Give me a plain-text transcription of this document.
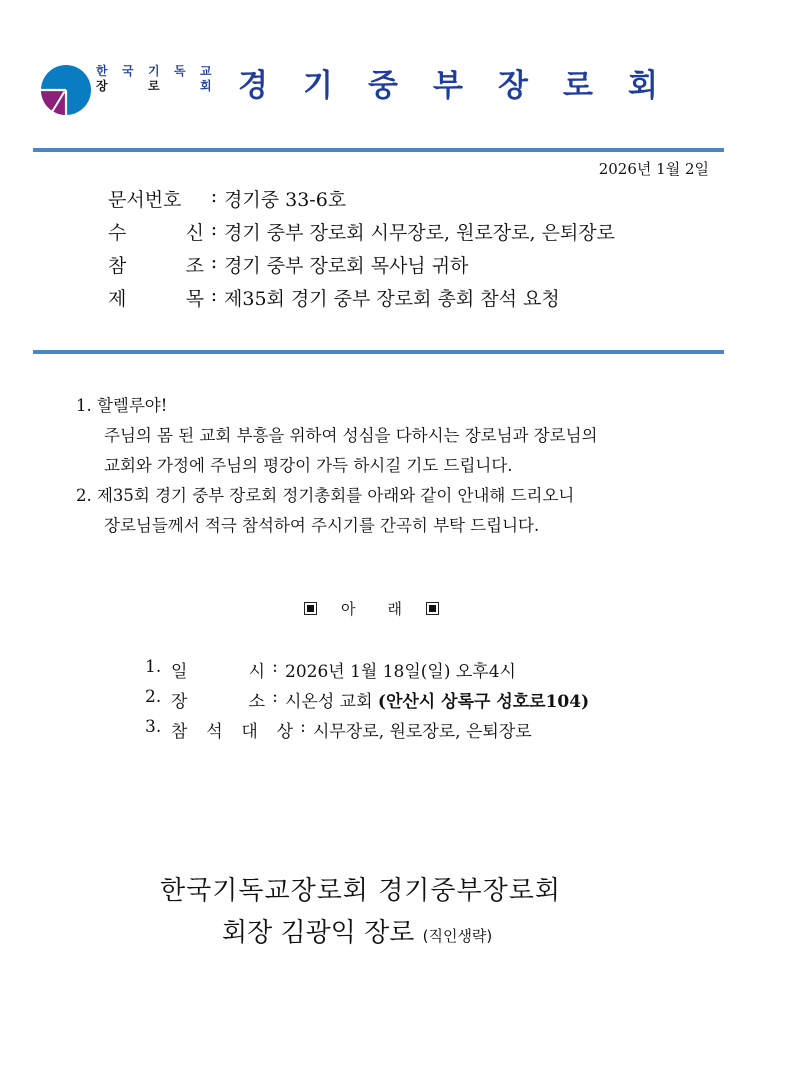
한	국	기	독	교
장	로	회 경	기	중	부	장	로	회
2026년 1월 2일
문서번호	: 경기중 33-6호
수	신 : 경기 중부 장로회 시무장로, 원로장로, 은퇴장로
참	조 : 경기 중부 장로회 목사님 귀하
제	목 : 제35회 경기 중부 장로회 총회 참석 요청
1. 할렐루야!
주님의 몸 된 교회 부흥을 위하여 성심을 다하시는 장로님과 장로님의
교회와 가정에 주님의 평강이 가득 하시길 기도 드립니다.
2. 제35회 경기 중부 장로회 정기총회를 아래와 같이 안내해 드리오니
장로님들께서 적극 참석하여 주시기를 간곡히 부탁 드립니다.
아 래
1. 일	시 : 2026년 1월 18일(일) 오후4시
2. 장	소 : 시온성 교회 (안산시 상록구 성호로104)
3. 참 석 대 상 : 시무장로, 원로장로, 은퇴장로
한국기독교장로회 경기중부장로회
회장 김광익 장로 (직인생략)
